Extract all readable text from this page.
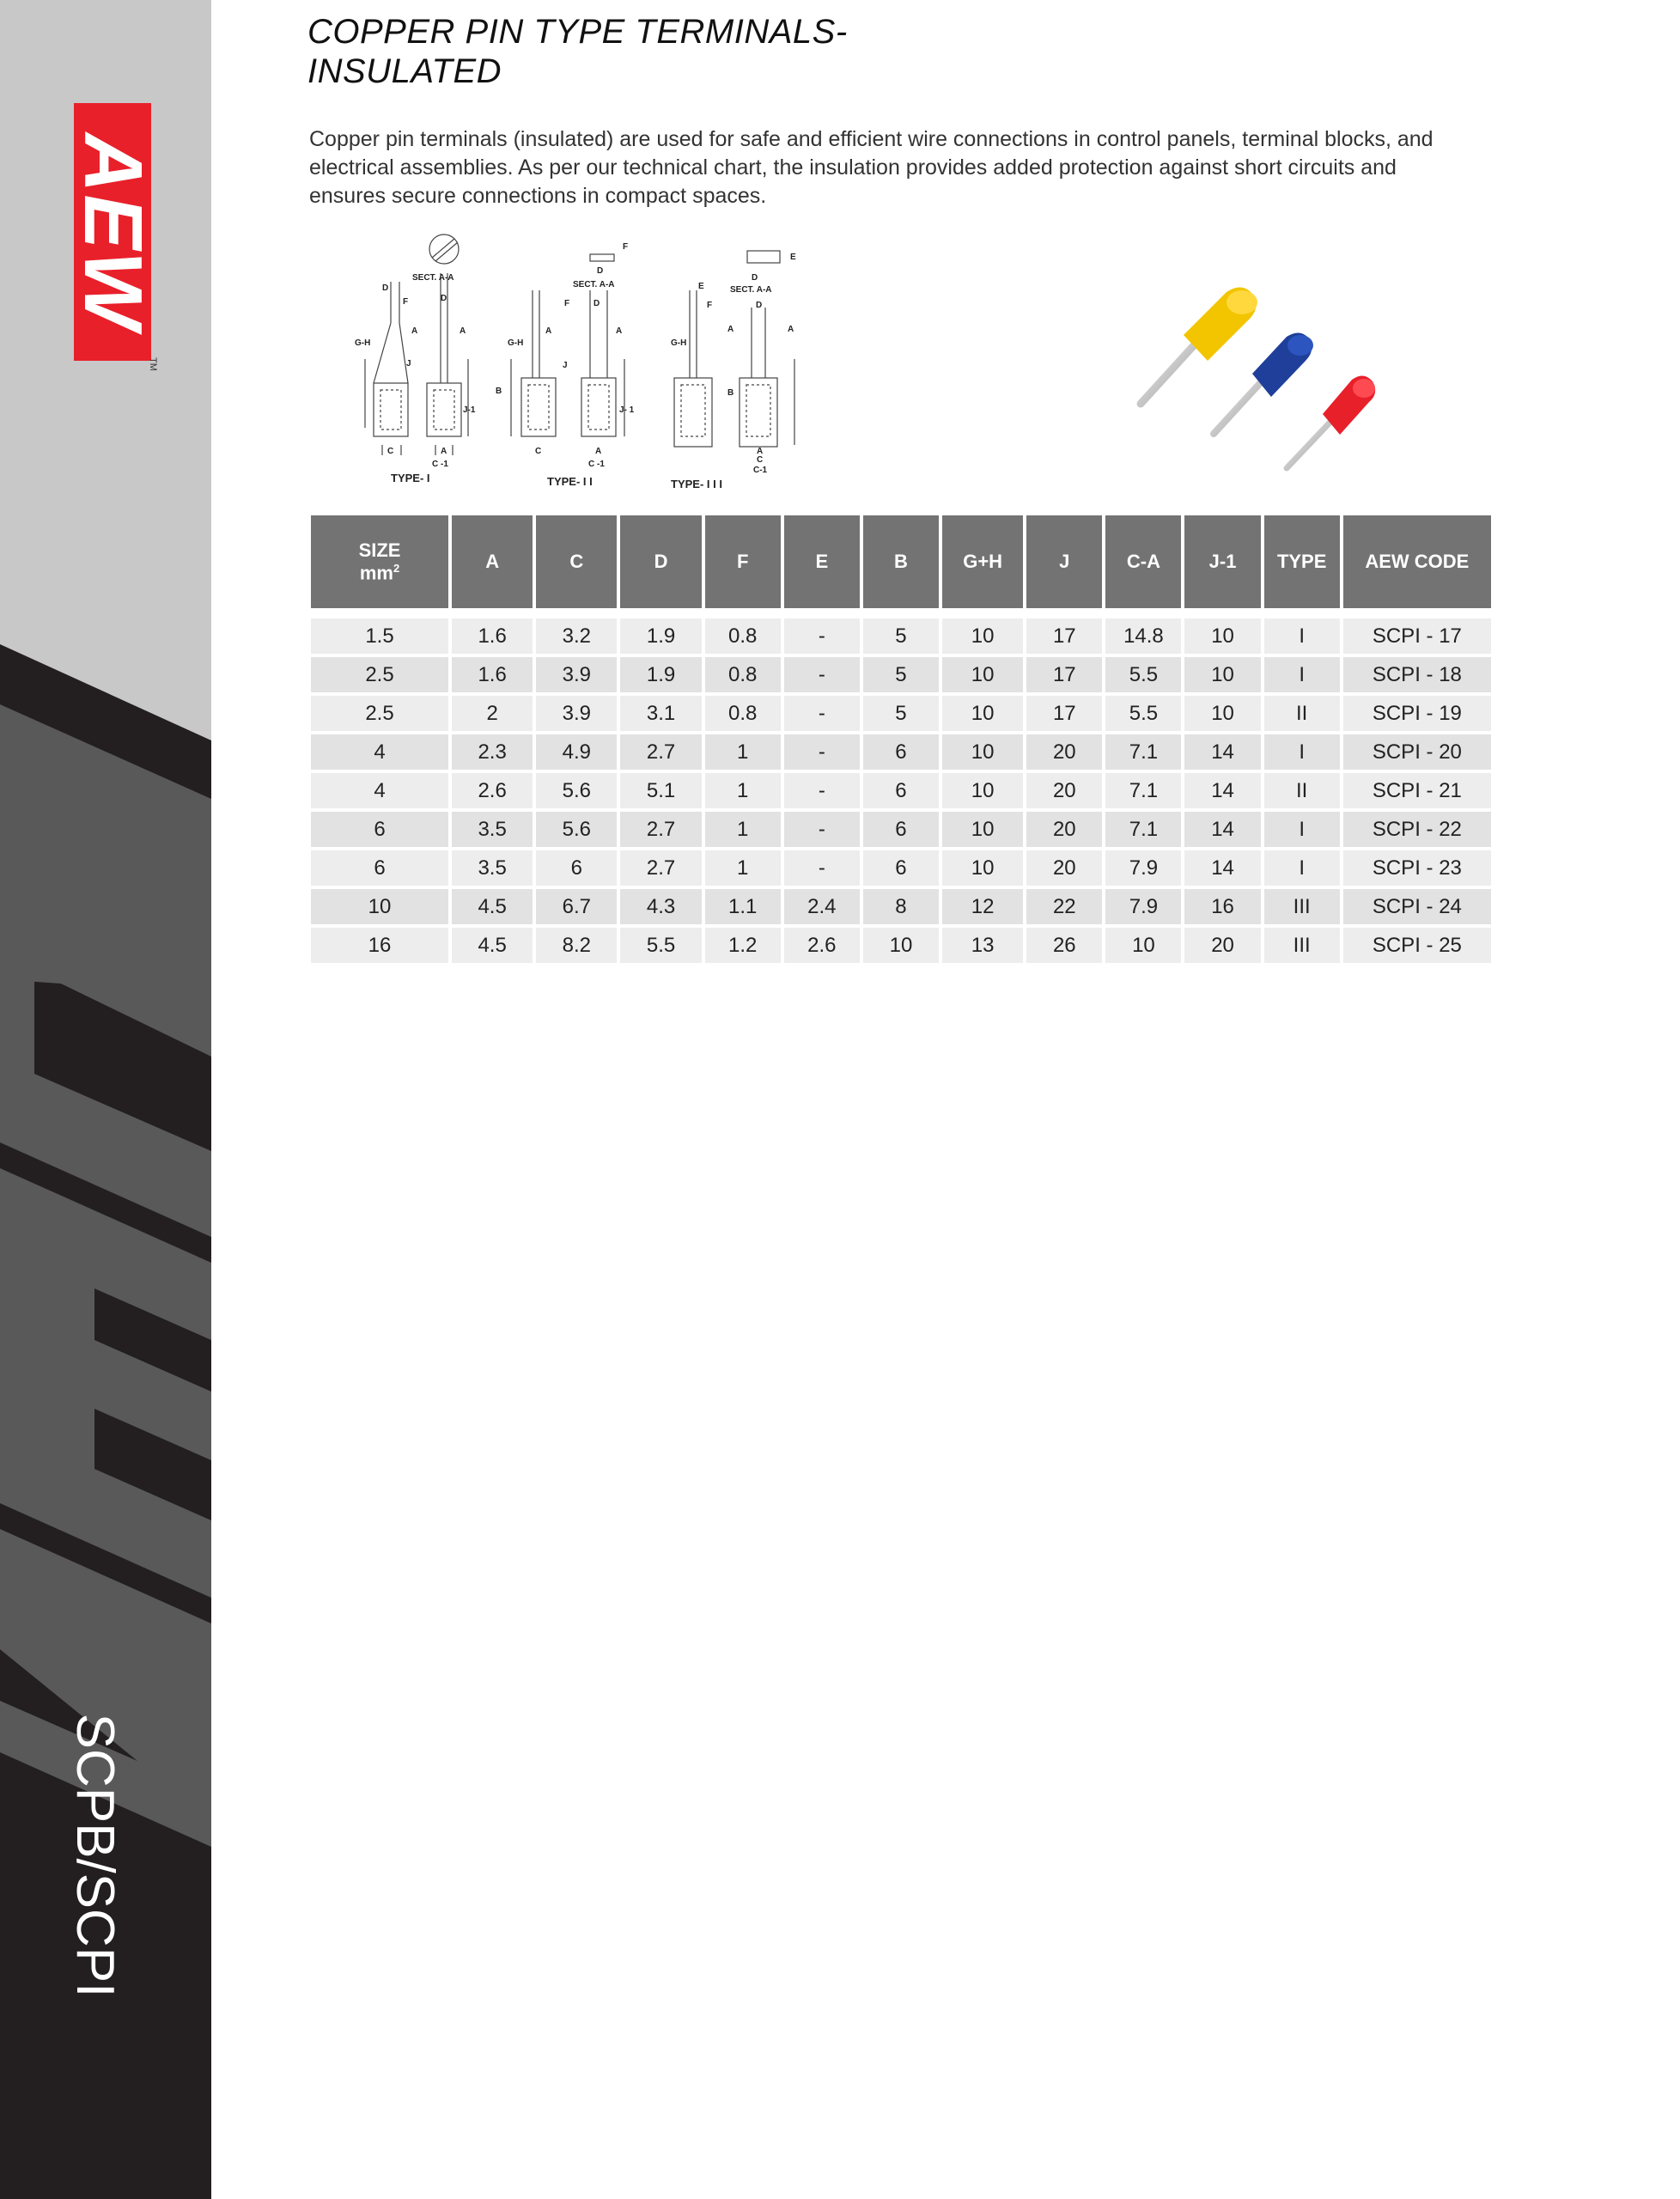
AEW
TM
SCPB/SCPI
COPPER PIN TYPE TERMINALS-
INSULATED

Copper pin terminals (insulated) are used for safe and efficient wire connections in control panels, terminal blocks, and electrical assemblies. As per our technical chart, the insulation provides added protection against short circuits and ensures secure connections in compact spaces.

SECT. A-A
D
F	D
A	A
G-H
J
J-1
C	A
C -1
TYPE- I
SECT. A-A
D
F
F	D
A	A
G-H
B
J
J- 1
C	A
C -1
TYPE- I I
E
D
SECT. A-A
E
F	D
A	A
G-H
B
A
C
C-1
TYPE- I I I
SIZE
$mm^2$	A	C	D	F	E	B	G+H	J	C-A	J-1	TYPE	AEW CODE

1.5	1.6	3.2	1.9	0.8	-	5	10	17	14.8	10	I	SCPI - 17
2.5	1.6	3.9	1.9	0.8	-	5	10	17	5.5	10	I	SCPI - 18
2.5	2	3.9	3.1	0.8	-	5	10	17	5.5	10	II	SCPI - 19
4	2.3	4.9	2.7	1	-	6	10	20	7.1	14	I	SCPI - 20
4	2.6	5.6	5.1	1	-	6	10	20	7.1	14	II	SCPI - 21
6	3.5	5.6	2.7	1	-	6	10	20	7.1	14	I	SCPI - 22
6	3.5	6	2.7	1	-	6	10	20	7.9	14	I	SCPI - 23
10	4.5	6.7	4.3	1.1	2.4	8	12	22	7.9	16	III	SCPI - 24
16	4.5	8.2	5.5	1.2	2.6	10	13	26	10	20	III	SCPI - 25
